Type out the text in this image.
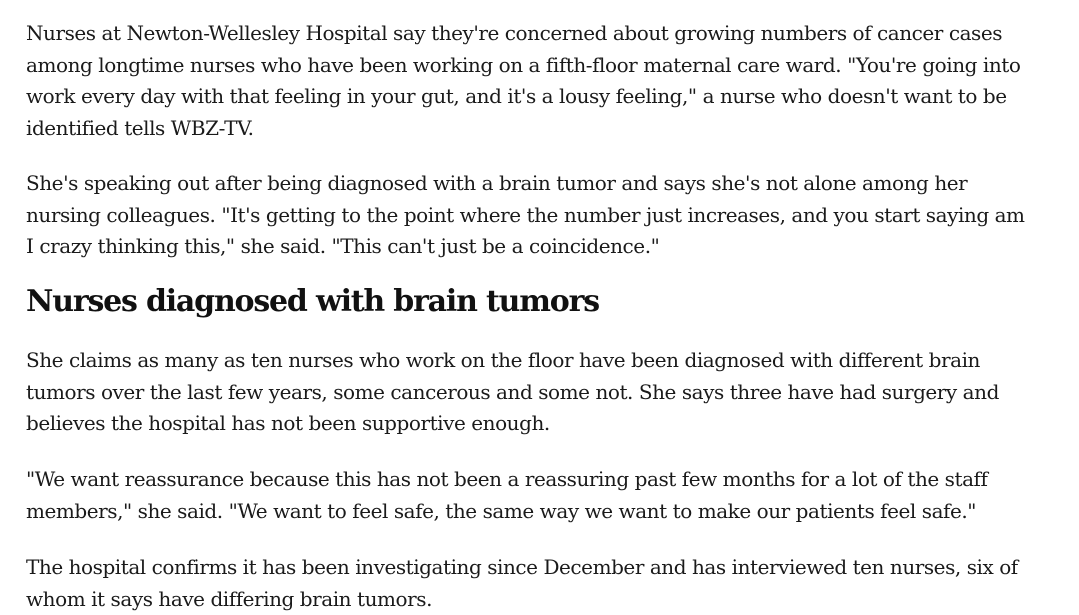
Nurses at Newton-Wellesley Hospital say they're concerned about growing numbers of cancer cases among longtime nurses who have been working on a fifth-floor maternal care ward. "You're going into work every day with that feeling in your gut, and it's a lousy feeling," a nurse who doesn't want to be identified tells WBZ-TV.

She's speaking out after being diagnosed with a brain tumor and says she's not alone among her nursing colleagues. "It's getting to the point where the number just increases, and you start saying am I crazy thinking this," she said. "This can't just be a coincidence."

Nurses diagnosed with brain tumors

She claims as many as ten nurses who work on the floor have been diagnosed with different brain tumors over the last few years, some cancerous and some not. She says three have had surgery and believes the hospital has not been supportive enough.

"We want reassurance because this has not been a reassuring past few months for a lot of the staff members," she said. "We want to feel safe, the same way we want to make our patients feel safe."

The hospital confirms it has been investigating since December and has interviewed ten nurses, six of whom it says have differing brain tumors.
